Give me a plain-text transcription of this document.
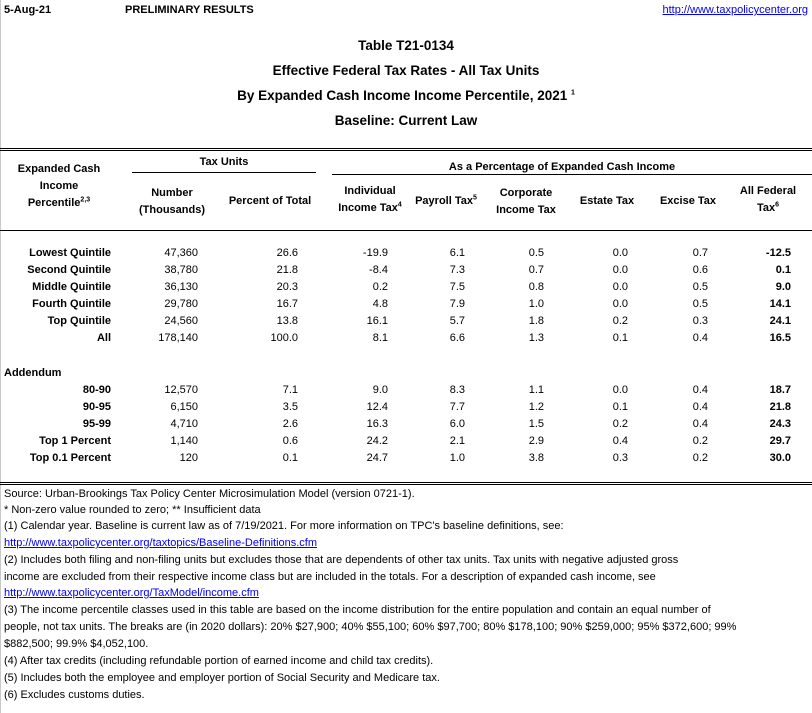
5-Aug-21	PRELIMINARY RESULTS	http://www.taxpolicycenter.org
Table T21-0134
Effective Federal Tax Rates - All Tax Units
By Expanded Cash Income Income Percentile, 2021 $^1$
Baseline: Current Law
Expanded Cash
Income
Percentile$^{2,3}$
Tax Units	As a Percentage of Expanded Cash Income
Number
(Thousands)
Percent of Total
Individual
Income Tax$^4$	Payroll Tax$^5$	Corporate
Income Tax
Estate Tax	Excise Tax
All Federal
Tax$^6$
Lowest Quintile	47,360	26.6	-19.9	6.1	0.5	0.0	0.7	-12.5
Second Quintile	38,780	21.8	-8.4	7.3	0.7	0.0	0.6	0.1
Middle Quintile	36,130	20.3	0.2	7.5	0.8	0.0	0.5	9.0
Fourth Quintile	29,780	16.7	4.8	7.9	1.0	0.0	0.5	14.1
Top Quintile	24,560	13.8	16.1	5.7	1.8	0.2	0.3	24.1
All	178,140	100.0	8.1	6.6	1.3	0.1	0.4	16.5
Addendum
80-90	12,570	7.1	9.0	8.3	1.1	0.0	0.4	18.7
90-95	6,150	3.5	12.4	7.7	1.2	0.1	0.4	21.8
95-99	4,710	2.6	16.3	6.0	1.5	0.2	0.4	24.3
Top 1 Percent	1,140	0.6	24.2	2.1	2.9	0.4	0.2	29.7
Top 0.1 Percent	120	0.1	24.7	1.0	3.8	0.3	0.2	30.0
Source: Urban-Brookings Tax Policy Center Microsimulation Model (version 0721-1).
* Non-zero value rounded to zero; ** Insufficient data
(1) Calendar year. Baseline is current law as of 7/19/2021. For more information on TPC's baseline definitions, see:
http://www.taxpolicycenter.org/taxtopics/Baseline-Definitions.cfm
(2) Includes both filing and non-filing units but excludes those that are dependents of other tax units. Tax units with negative adjusted gross
income are excluded from their respective income class but are included in the totals. For a description of expanded cash income, see
http://www.taxpolicycenter.org/TaxModel/income.cfm
(3) The income percentile classes used in this table are based on the income distribution for the entire population and contain an equal number of
people, not tax units. The breaks are (in 2020 dollars): 20% $27,900; 40% $55,100; 60% $97,700; 80% $178,100; 90% $259,000; 95% $372,600; 99%
$882,500; 99.9% $4,052,100.
(4) After tax credits (including refundable portion of earned income and child tax credits).
(5) Includes both the employee and employer portion of Social Security and Medicare tax.
(6) Excludes customs duties.
